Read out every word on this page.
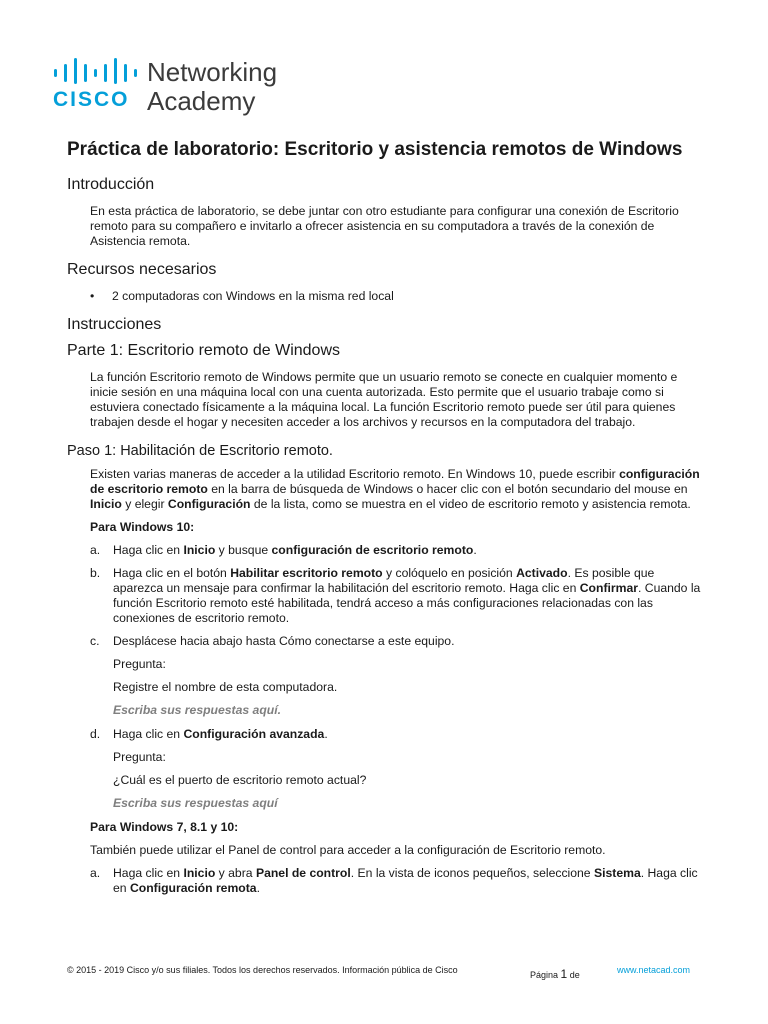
CISCO
Networking
Academy
Práctica de laboratorio: Escritorio y asistencia remotos de Windows
Introducción

En esta práctica de laboratorio, se debe juntar con otro estudiante para configurar una conexión de Escritorio remoto para su compañero e invitarlo a ofrecer asistencia en su computadora a través de la conexión de Asistencia remota.

Recursos necesarios
•	2 computadoras con Windows en la misma red local
Instrucciones
Parte 1: Escritorio remoto de Windows

La función Escritorio remoto de Windows permite que un usuario remoto se conecte en cualquier momento e inicie sesión en una máquina local con una cuenta autorizada. Esto permite que el usuario trabaje como si estuviera conectado físicamente a la máquina local. La función Escritorio remoto puede ser útil para quienes trabajen desde el hogar y necesiten acceder a los archivos y recursos en la computadora del trabajo.

Paso 1: Habilitación de Escritorio remoto.

Existen varias maneras de acceder a la utilidad Escritorio remoto. En Windows 10, puede escribir configuración de escritorio remoto en la barra de búsqueda de Windows o hacer clic con el botón secundario del mouse en Inicio y elegir Configuración de la lista, como se muestra en el video de escritorio remoto y asistencia remota.

Para Windows 10:

a.	Haga clic en Inicio y busque configuración de escritorio remoto.
b.	Haga clic en el botón Habilitar escritorio remoto y colóquelo en posición Activado. Es posible que aparezca un mensaje para confirmar la habilitación del escritorio remoto. Haga clic en Confirmar. Cuando la función Escritorio remoto esté habilitada, tendrá acceso a más configuraciones relacionadas con las conexiones de escritorio remoto.
c.	Desplácese hacia abajo hasta Cómo conectarse a este equipo.

Pregunta:

Registre el nombre de esta computadora.

Escriba sus respuestas aquí.

d.	Haga clic en Configuración avanzada.

Pregunta:

¿Cuál es el puerto de escritorio remoto actual?

Escriba sus respuestas aquí

Para Windows 7, 8.1 y 10:

También puede utilizar el Panel de control para acceder a la configuración de Escritorio remoto.

a.	Haga clic en Inicio y abra Panel de control. En la vista de iconos pequeños, seleccione Sistema. Haga clic en Configuración remota.
© 2015 - 2019 Cisco y/o sus filiales. Todos los derechos reservados. Información pública de Cisco	Página 1 de	www.netacad.com
